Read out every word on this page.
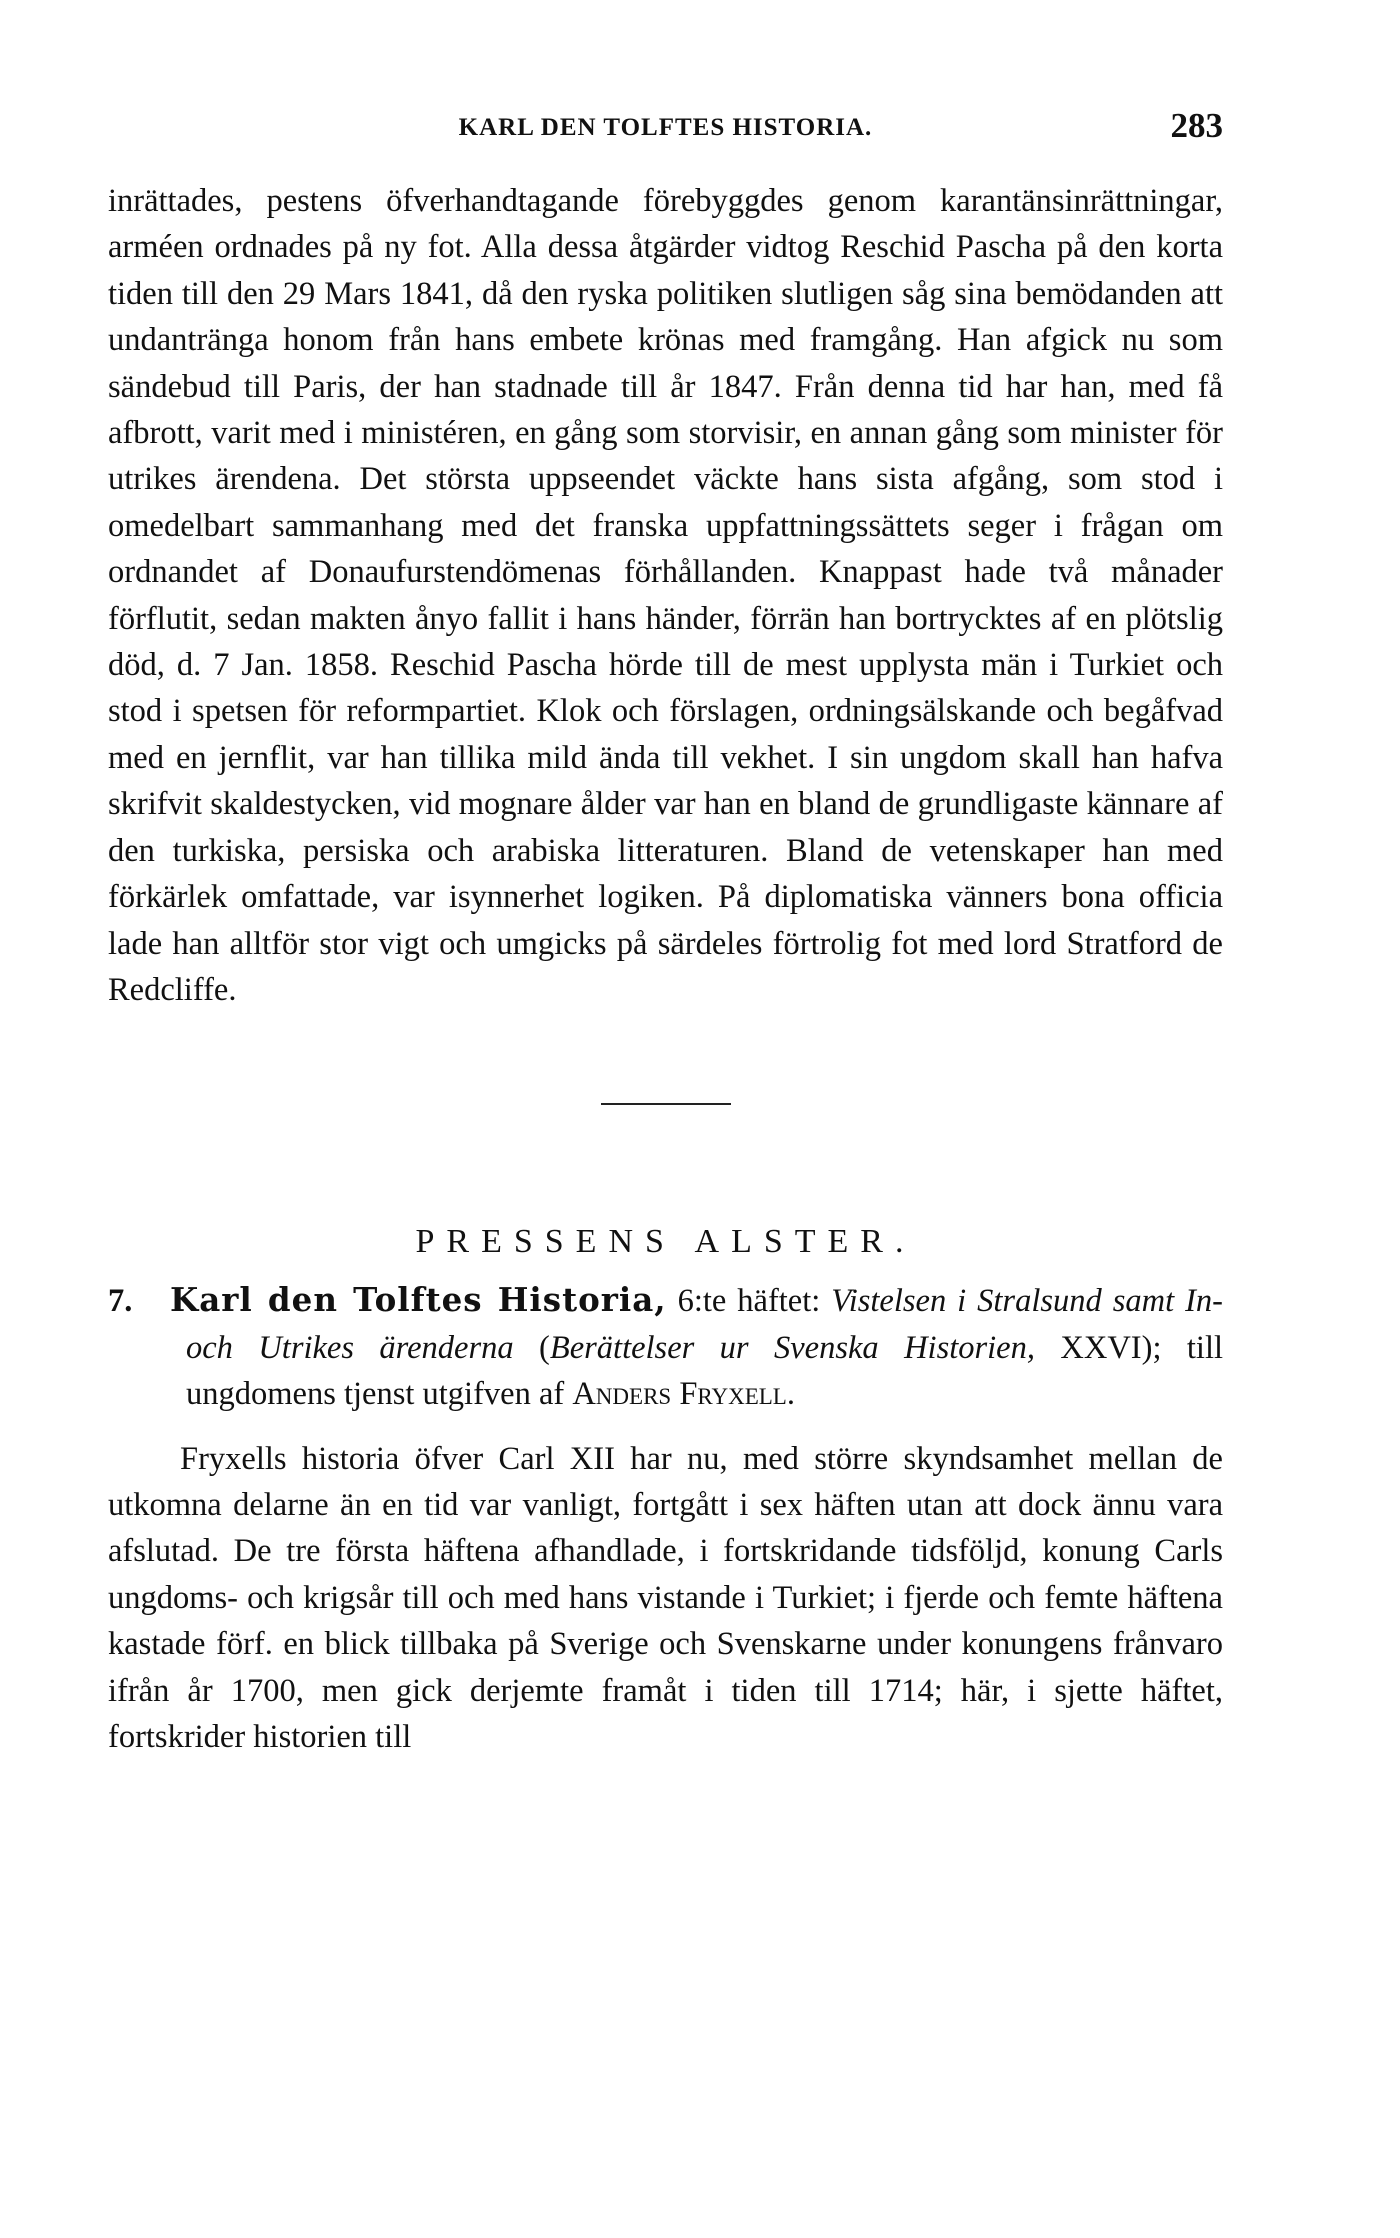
KARL DEN TOLFTES HISTORIA.	283

inrättades, pestens öfverhandtagande förebyggdes genom karantänsinrättningar, arméen ordnades på ny fot. Alla dessa åtgärder vidtog Reschid Pascha på den korta tiden till den 29 Mars 1841, då den ryska politiken slutligen såg sina bemödanden att undantränga honom från hans embete krönas med framgång. Han afgick nu som sändebud till Paris, der han stadnade till år 1847. Från denna tid har han, med få afbrott, varit med i ministéren, en gång som storvisir, en annan gång som minister för utrikes ärendena. Det största uppseendet väckte hans sista afgång, som stod i omedelbart sammanhang med det franska uppfattningssättets seger i frågan om ordnandet af Donaufurstendömenas förhållanden. Knappast hade två månader förflutit, sedan makten ånyo fallit i hans händer, förrän han bortrycktes af en plötslig död, d. 7 Jan. 1858. Reschid Pascha hörde till de mest upplysta män i Turkiet och stod i spetsen för reformpartiet. Klok och förslagen, ordningsälskande och begåfvad med en jernflit, var han tillika mild ända till vekhet. I sin ungdom skall han hafva skrifvit skaldestycken, vid mognare ålder var han en bland de grundligaste kännare af den turkiska, persiska och arabiska litteraturen. Bland de vetenskaper han med förkärlek omfattade, var isynnerhet logiken. På diplomatiska vänners bona officia lade han alltför stor vigt och umgicks på särdeles förtrolig fot med lord Stratford de Redcliffe.

PRESSENS ALSTER.
7. Karl den Tolftes Historia, 6:te häftet: Vistelsen i Stralsund samt In- och Utrikes ärenderna (Berättelser ur Svenska Historien, XXVI); till ungdomens tjenst utgifven af Anders Fryxell.
Fryxells historia öfver Carl XII har nu, med större skyndsamhet mellan de utkomna delarne än en tid var vanligt, fortgått i sex häften utan att dock ännu vara afslutad. De tre första häftena afhandlade, i fortskridande tidsföljd, konung Carls ungdoms- och krigsår till och med hans vistande i Turkiet; i fjerde och femte häftena kastade förf. en blick tillbaka på Sverige och Svenskarne under konungens frånvaro ifrån år 1700, men gick derjemte framåt i tiden till 1714; här, i sjette häftet, fortskrider historien till
